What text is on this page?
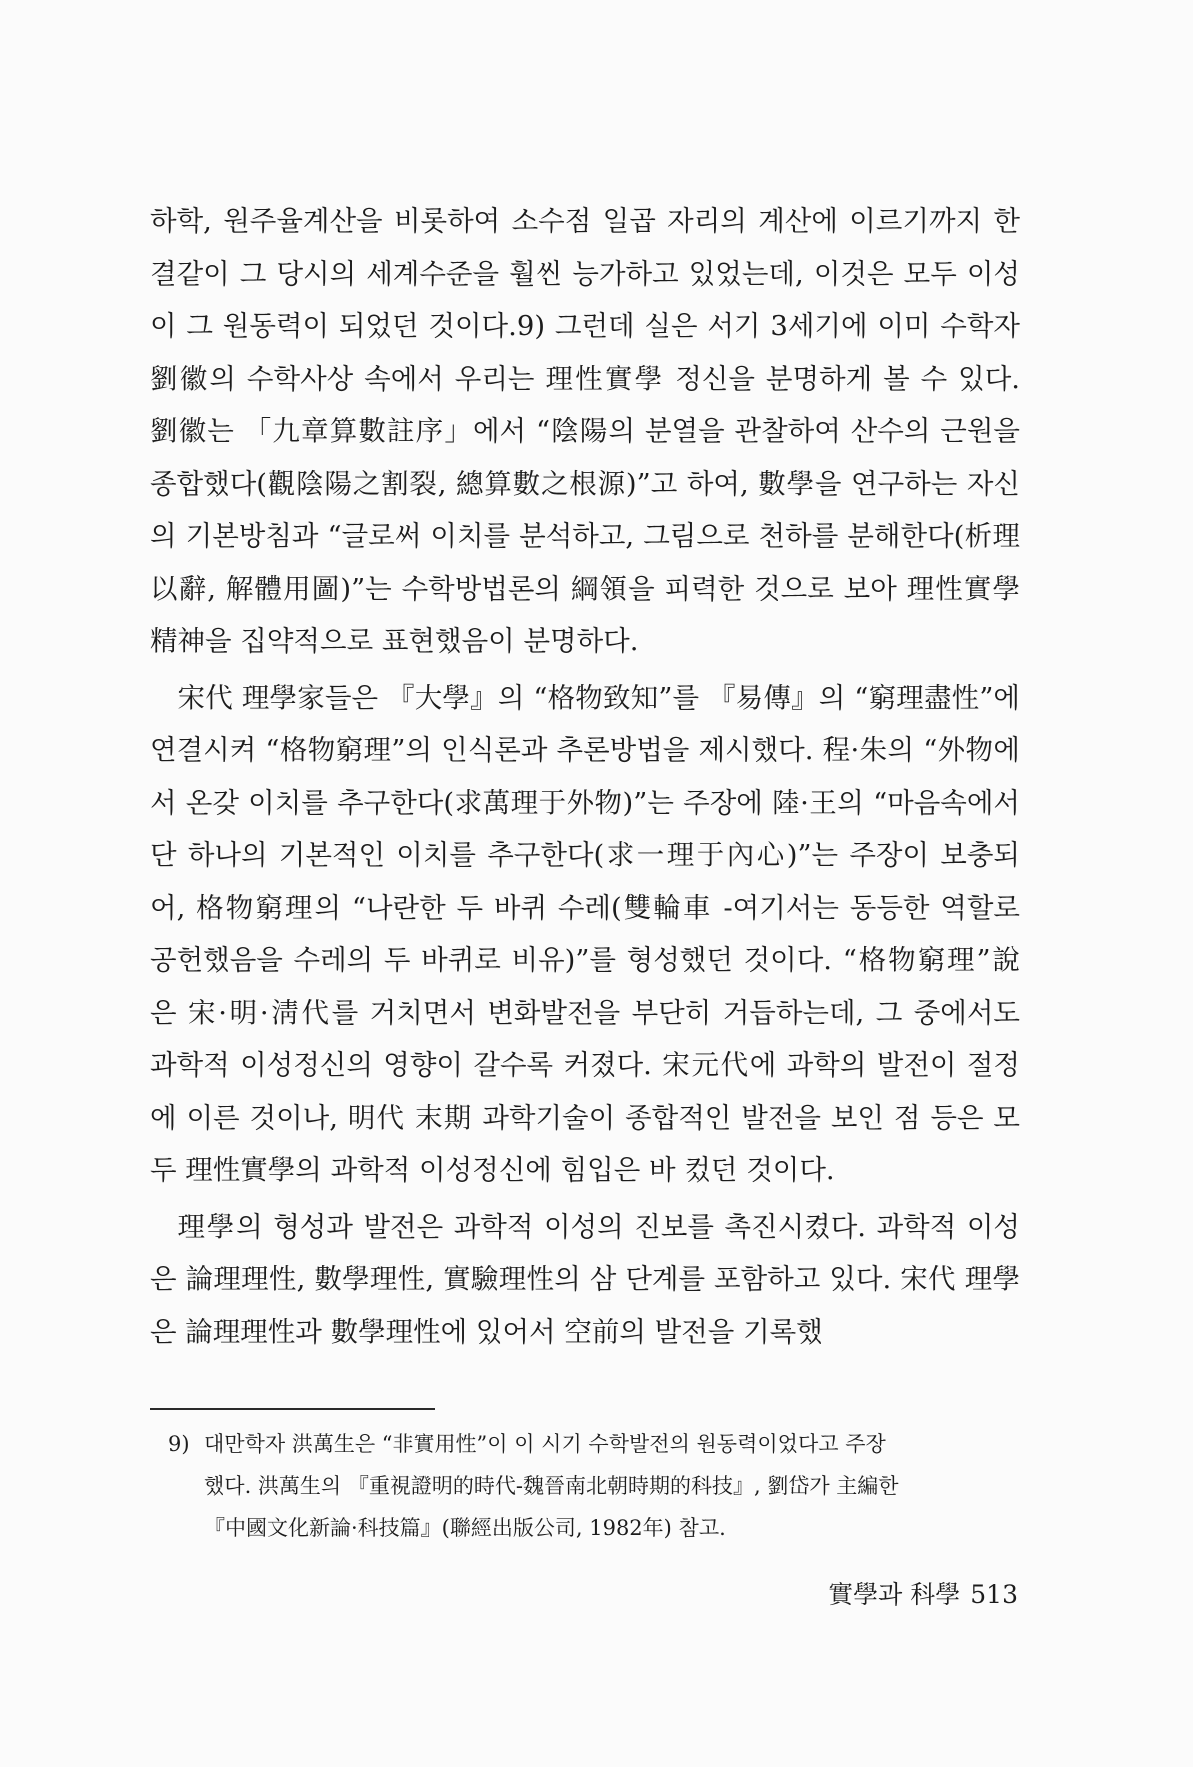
하학, 원주율계산을 비롯하여 소수점 일곱 자리의 계산에 이르기까지 한결같이 그 당시의 세계수준을 훨씬 능가하고 있었는데, 이것은 모두 이성이 그 원동력이 되었던 것이다.9) 그런데 실은 서기 3세기에 이미 수학자 劉徽의 수학사상 속에서 우리는 理性實學 정신을 분명하게 볼 수 있다. 劉徽는 「九章算數註序」에서 “陰陽의 분열을 관찰하여 산수의 근원을 종합했다(觀陰陽之割裂, 總算數之根源)”고 하여, 數學을 연구하는 자신의 기본방침과 “글로써 이치를 분석하고, 그림으로 천하를 분해한다(析理以辭, 解體用圖)”는 수학방법론의 綱領을 피력한 것으로 보아 理性實學 精神을 집약적으로 표현했음이 분명하다.

宋代 理學家들은 『大學』의 “格物致知”를 『易傳』의 “窮理盡性”에 연결시켜 “格物窮理”의 인식론과 추론방법을 제시했다. 程·朱의 “外物에서 온갖 이치를 추구한다(求萬理于外物)”는 주장에 陸·王의 “마음속에서 단 하나의 기본적인 이치를 추구한다(求一理于內心)”는 주장이 보충되어, 格物窮理의 “나란한 두 바퀴 수레(雙輪車 -여기서는 동등한 역할로 공헌했음을 수레의 두 바퀴로 비유)”를 형성했던 것이다. “格物窮理”說은 宋·明·淸代를 거치면서 변화발전을 부단히 거듭하는데, 그 중에서도 과학적 이성정신의 영향이 갈수록 커졌다. 宋元代에 과학의 발전이 절정에 이른 것이나, 明代 末期 과학기술이 종합적인 발전을 보인 점 등은 모두 理性實學의 과학적 이성정신에 힘입은 바 컸던 것이다.

理學의 형성과 발전은 과학적 이성의 진보를 촉진시켰다. 과학적 이성은 論理理性, 數學理性, 實驗理性의 삼 단계를 포함하고 있다. 宋代 理學은 論理理性과 數學理性에 있어서 空前의 발전을 기록했

9) 대만학자 洪萬生은 “非實用性”이 이 시기 수학발전의 원동력이었다고 주장
했다. 洪萬生의 『重視證明的時代-魏晉南北朝時期的科技』, 劉岱가 主編한
『中國文化新論·科技篇』(聯經出版公司, 1982年) 참고.
實學과 科學 513
